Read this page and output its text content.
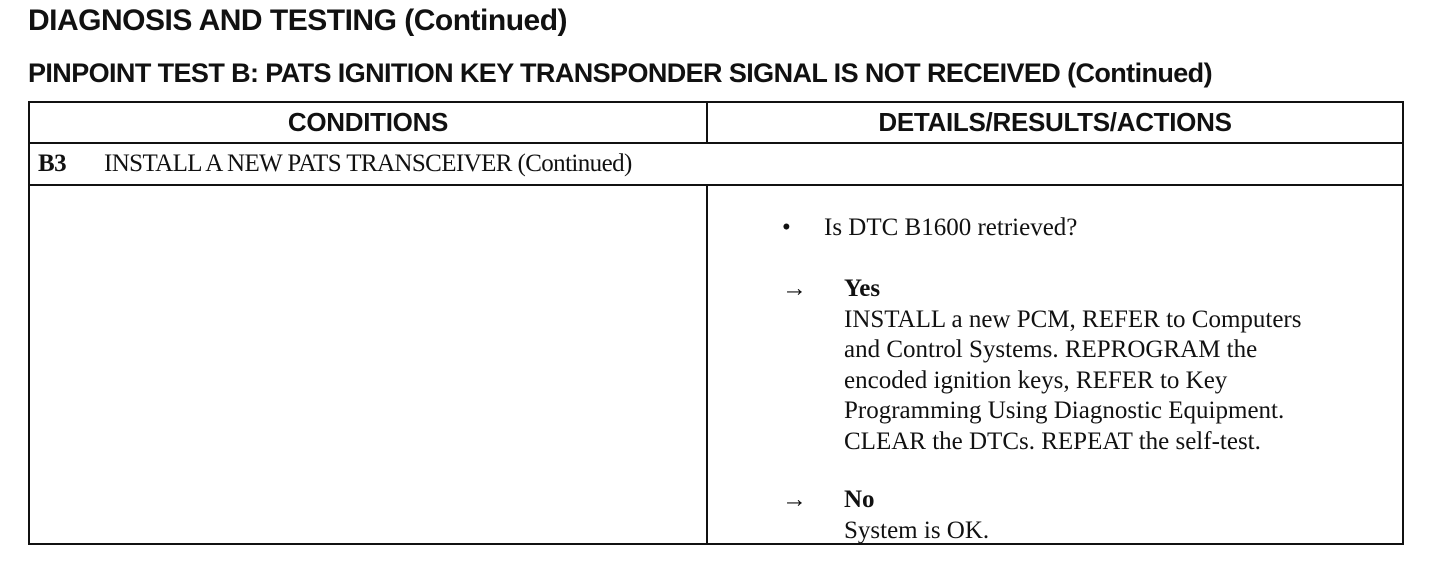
DIAGNOSIS AND TESTING (Continued)
PINPOINT TEST B: PATS IGNITION KEY TRANSPONDER SIGNAL IS NOT RECEIVED (Continued)
CONDITIONS	DETAILS/RESULTS/ACTIONS
B3 INSTALL A NEW PATS TRANSCEIVER (Continued)
• Is DTC B1600 retrieved?
→ Yes
INSTALL a new PCM, REFER to Computers
and Control Systems. REPROGRAM the
encoded ignition keys, REFER to Key
Programming Using Diagnostic Equipment.
CLEAR the DTCs. REPEAT the self-test.
→ No
System is OK.
